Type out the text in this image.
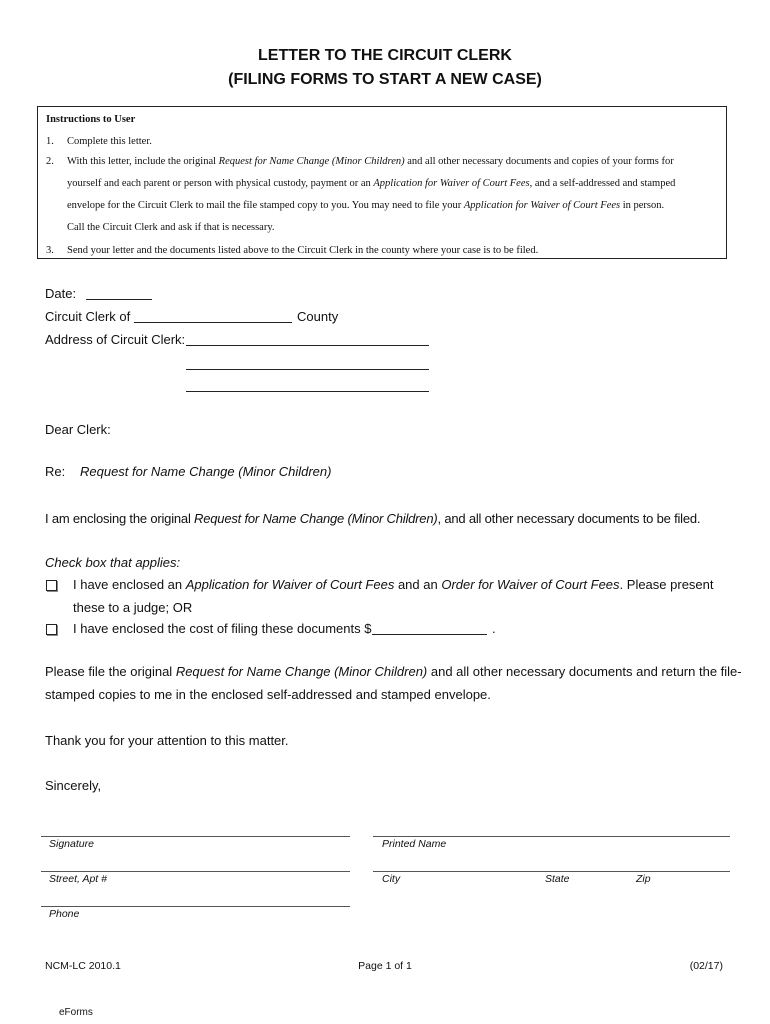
LETTER TO THE CIRCUIT CLERK
(FILING FORMS TO START A NEW CASE)
Instructions to User
1. Complete this letter.
2. With this letter, include the original Request for Name Change (Minor Children) and all other necessary documents and copies of your forms for
yourself and each parent or person with physical custody, payment or an Application for Waiver of Court Fees, and a self-addressed and stamped
envelope for the Circuit Clerk to mail the file stamped copy to you. You may need to file your Application for Waiver of Court Fees in person.
Call the Circuit Clerk and ask if that is necessary.
3. Send your letter and the documents listed above to the Circuit Clerk in the county where your case is to be filed.
Date:
Circuit Clerk of	County
Address of Circuit Clerk:
Dear Clerk:
Re: Request for Name Change (Minor Children)
I am enclosing the original Request for Name Change (Minor Children), and all other necessary documents to be filed.
Check box that applies:
I have enclosed an Application for Waiver of Court Fees and an Order for Waiver of Court Fees. Please present
these to a judge; OR
I have enclosed the cost of filing these documents $	.
Please file the original Request for Name Change (Minor Children) and all other necessary documents and return the file-
stamped copies to me in the enclosed self-addressed and stamped envelope.
Thank you for your attention to this matter.
Sincerely,
Signature	Printed Name
Street, Apt #	City	State	Zip
Phone
NCM-LC 2010.1	Page 1 of 1	(02/17)
eForms
